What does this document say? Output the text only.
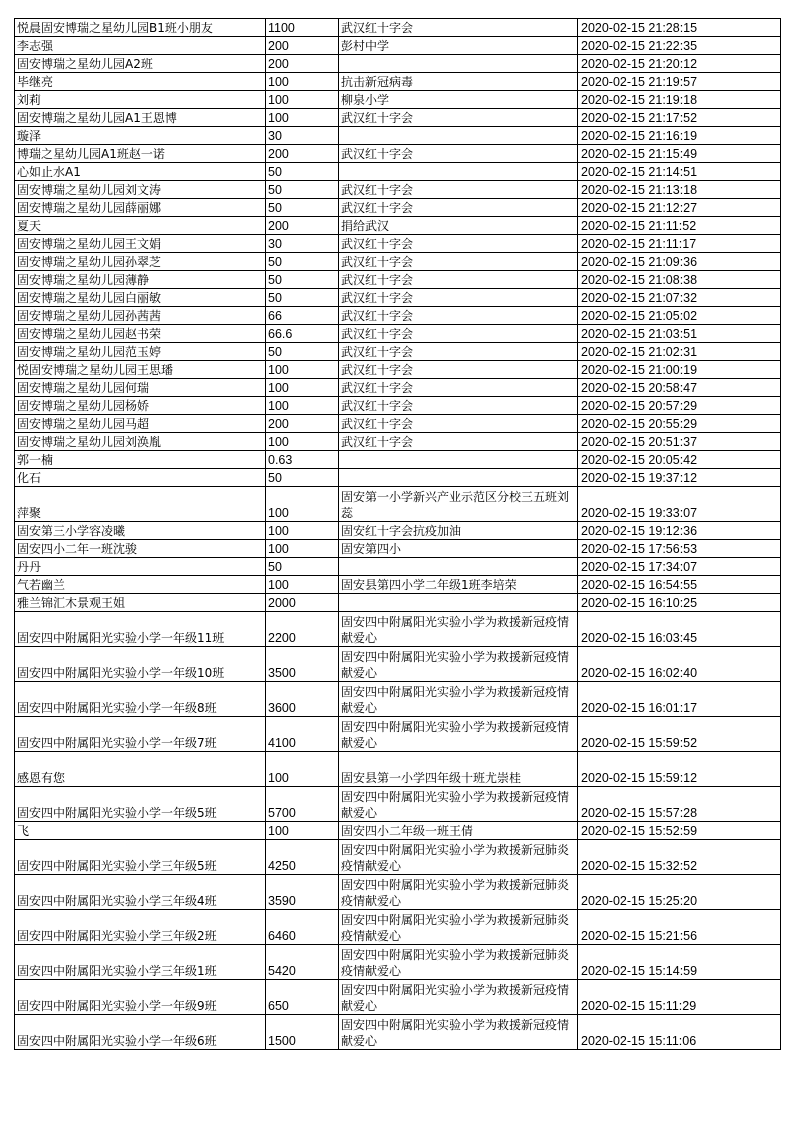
悦晨固安博瑞之星幼儿园B1班小朋友	1100	武汉红十字会	2020-02-15 21:28:15
李志强	200	彭村中学	2020-02-15 21:22:35
固安博瑞之星幼儿园A2班	200		2020-02-15 21:20:12
毕继亮	100	抗击新冠病毒	2020-02-15 21:19:57
刘莉	100	柳泉小学	2020-02-15 21:19:18
固安博瑞之星幼儿园A1王恩博	100	武汉红十字会	2020-02-15 21:17:52
璇泽	30		2020-02-15 21:16:19
博瑞之星幼儿园A1班赵一诺	200	武汉红十字会	2020-02-15 21:15:49
心如止水A1	50		2020-02-15 21:14:51
固安博瑞之星幼儿园刘文涛	50	武汉红十字会	2020-02-15 21:13:18
固安博瑞之星幼儿园薛丽娜	50	武汉红十字会	2020-02-15 21:12:27
夏天	200	捐给武汉	2020-02-15 21:11:52
固安博瑞之星幼儿园王文娟	30	武汉红十字会	2020-02-15 21:11:17
固安博瑞之星幼儿园孙翠芝	50	武汉红十字会	2020-02-15 21:09:36
固安博瑞之星幼儿园薄静	50	武汉红十字会	2020-02-15 21:08:38
固安博瑞之星幼儿园白丽敏	50	武汉红十字会	2020-02-15 21:07:32
固安博瑞之星幼儿园孙茜茜	66	武汉红十字会	2020-02-15 21:05:02
固安博瑞之星幼儿园赵书荣	66.6	武汉红十字会	2020-02-15 21:03:51
固安博瑞之星幼儿园范玉婷	50	武汉红十字会	2020-02-15 21:02:31
悦固安博瑞之星幼儿园王思璠	100	武汉红十字会	2020-02-15 21:00:19
固安博瑞之星幼儿园何瑞	100	武汉红十字会	2020-02-15 20:58:47
固安博瑞之星幼儿园杨娇	100	武汉红十字会	2020-02-15 20:57:29
固安博瑞之星幼儿园马超	200	武汉红十字会	2020-02-15 20:55:29
固安博瑞之星幼儿园刘涣胤	100	武汉红十字会	2020-02-15 20:51:37
郭一楠	0.63		2020-02-15 20:05:42
化石	50		2020-02-15 19:37:12
萍聚	100	固安第一小学新兴产业示范区分校三五班刘蕊	2020-02-15 19:33:07
固安第三小学容凌曦	100	固安红十字会抗疫加油	2020-02-15 19:12:36
固安四小二年一班沈骏	100	固安第四小	2020-02-15 17:56:53
丹丹	50		2020-02-15 17:34:07
气若幽兰	100	固安县第四小学二年级1班李培荣	2020-02-15 16:54:55
雅兰锦汇木景观王姐	2000		2020-02-15 16:10:25
固安四中附属阳光实验小学一年级11班	2200	固安四中附属阳光实验小学为救援新冠疫情献爱心	2020-02-15 16:03:45
固安四中附属阳光实验小学一年级10班	3500	固安四中附属阳光实验小学为救援新冠疫情献爱心	2020-02-15 16:02:40
固安四中附属阳光实验小学一年级8班	3600	固安四中附属阳光实验小学为救援新冠疫情献爱心	2020-02-15 16:01:17
固安四中附属阳光实验小学一年级7班	4100	固安四中附属阳光实验小学为救援新冠疫情献爱心	2020-02-15 15:59:52
感恩有您	100	固安县第一小学四年级十班尤崇桂	2020-02-15 15:59:12
固安四中附属阳光实验小学一年级5班	5700	固安四中附属阳光实验小学为救援新冠疫情献爱心	2020-02-15 15:57:28
飞	100	固安四小二年级一班王倩	2020-02-15 15:52:59
固安四中附属阳光实验小学三年级5班	4250	固安四中附属阳光实验小学为救援新冠肺炎疫情献爱心	2020-02-15 15:32:52
固安四中附属阳光实验小学三年级4班	3590	固安四中附属阳光实验小学为救援新冠肺炎疫情献爱心	2020-02-15 15:25:20
固安四中附属阳光实验小学三年级2班	6460	固安四中附属阳光实验小学为救援新冠肺炎疫情献爱心	2020-02-15 15:21:56
固安四中附属阳光实验小学三年级1班	5420	固安四中附属阳光实验小学为救援新冠肺炎疫情献爱心	2020-02-15 15:14:59
固安四中附属阳光实验小学一年级9班	650	固安四中附属阳光实验小学为救援新冠疫情献爱心	2020-02-15 15:11:29
固安四中附属阳光实验小学一年级6班	1500	固安四中附属阳光实验小学为救援新冠疫情献爱心	2020-02-15 15:11:06
